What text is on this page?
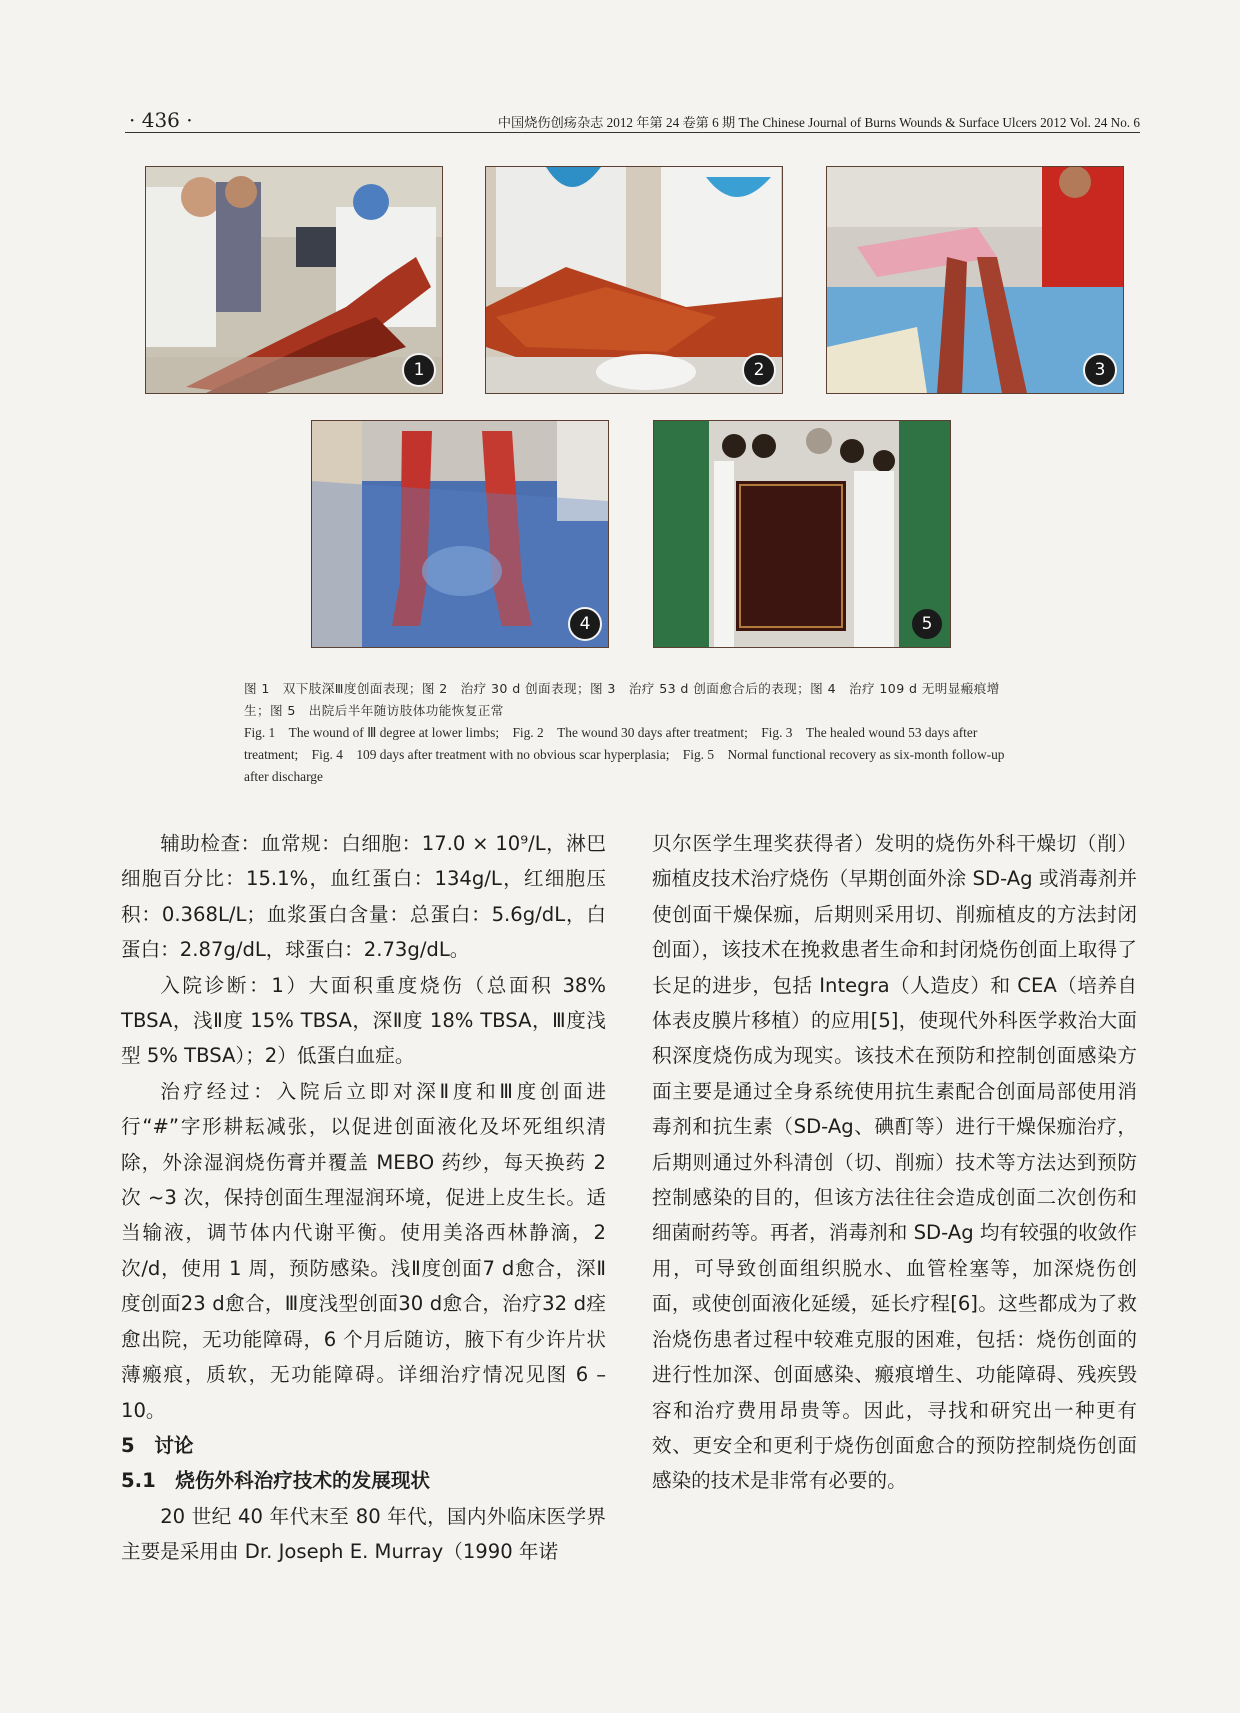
· 436 ·	中国烧伤创疡杂志 2012 年第 24 卷第 6 期 The Chinese Journal of Burns Wounds & Surface Ulcers 2012 Vol. 24 No. 6
1	2	3
4	5
图 1　双下肢深Ⅲ度创面表现；图 2　治疗 30 d 创面表现；图 3　治疗 53 d 创面愈合后的表现；图 4　治疗 109 d 无明显瘢痕增生；图 5　出院后半年随访肢体功能恢复正常
Fig. 1　The wound of Ⅲ degree at lower limbs;　Fig. 2　The wound 30 days after treatment;　Fig. 3　The healed wound 53 days after treatment;　Fig. 4　109 days after treatment with no obvious scar hyperplasia;　Fig. 5　Normal functional recovery as six-month follow-up after discharge

辅助检查：血常规：白细胞：17.0 × 10⁹/L，淋巴细胞百分比：15.1%，血红蛋白：134g/L，红细胞压积：0.368L/L；血浆蛋白含量：总蛋白：5.6g/dL，白蛋白：2.87g/dL，球蛋白：2.73g/dL。

入院诊断：1）大面积重度烧伤（总面积 38% TBSA，浅Ⅱ度 15% TBSA，深Ⅱ度 18% TBSA，Ⅲ度浅型 5% TBSA）；2）低蛋白血症。

治疗经过：入院后立即对深Ⅱ度和Ⅲ度创面进行“#”字形耕耘减张，以促进创面液化及坏死组织清除，外涂湿润烧伤膏并覆盖 MEBO 药纱，每天换药 2 次 ~3 次，保持创面生理湿润环境，促进上皮生长。适当输液，调节体内代谢平衡。使用美洛西林静滴，2 次/d，使用 1 周，预防感染。浅Ⅱ度创面7 d愈合，深Ⅱ度创面23 d愈合，Ⅲ度浅型创面30 d愈合，治疗32 d痊愈出院，无功能障碍，6 个月后随访，腋下有少许片状薄瘢痕，质软，无功能障碍。详细治疗情况见图 6 – 10。

5　讨论

5.1　烧伤外科治疗技术的发展现状

20 世纪 40 年代末至 80 年代，国内外临床医学界主要是采用由 Dr. Joseph E. Murray（1990 年诺

贝尔医学生理奖获得者）发明的烧伤外科干燥切（削）痂植皮技术治疗烧伤（早期创面外涂 SD-Ag 或消毒剂并使创面干燥保痂，后期则采用切、削痂植皮的方法封闭创面），该技术在挽救患者生命和封闭烧伤创面上取得了长足的进步，包括 Integra（人造皮）和 CEA（培养自体表皮膜片移植）的应用[5]，使现代外科医学救治大面积深度烧伤成为现实。该技术在预防和控制创面感染方面主要是通过全身系统使用抗生素配合创面局部使用消毒剂和抗生素（SD-Ag、碘酊等）进行干燥保痂治疗，后期则通过外科清创（切、削痂）技术等方法达到预防控制感染的目的，但该方法往往会造成创面二次创伤和细菌耐药等。再者，消毒剂和 SD-Ag 均有较强的收敛作用，可导致创面组织脱水、血管栓塞等，加深烧伤创面，或使创面液化延缓，延长疗程[6]。这些都成为了救治烧伤患者过程中较难克服的困难，包括：烧伤创面的进行性加深、创面感染、瘢痕增生、功能障碍、残疾毁容和治疗费用昂贵等。因此，寻找和研究出一种更有效、更安全和更利于烧伤创面愈合的预防控制烧伤创面感染的技术是非常有必要的。
